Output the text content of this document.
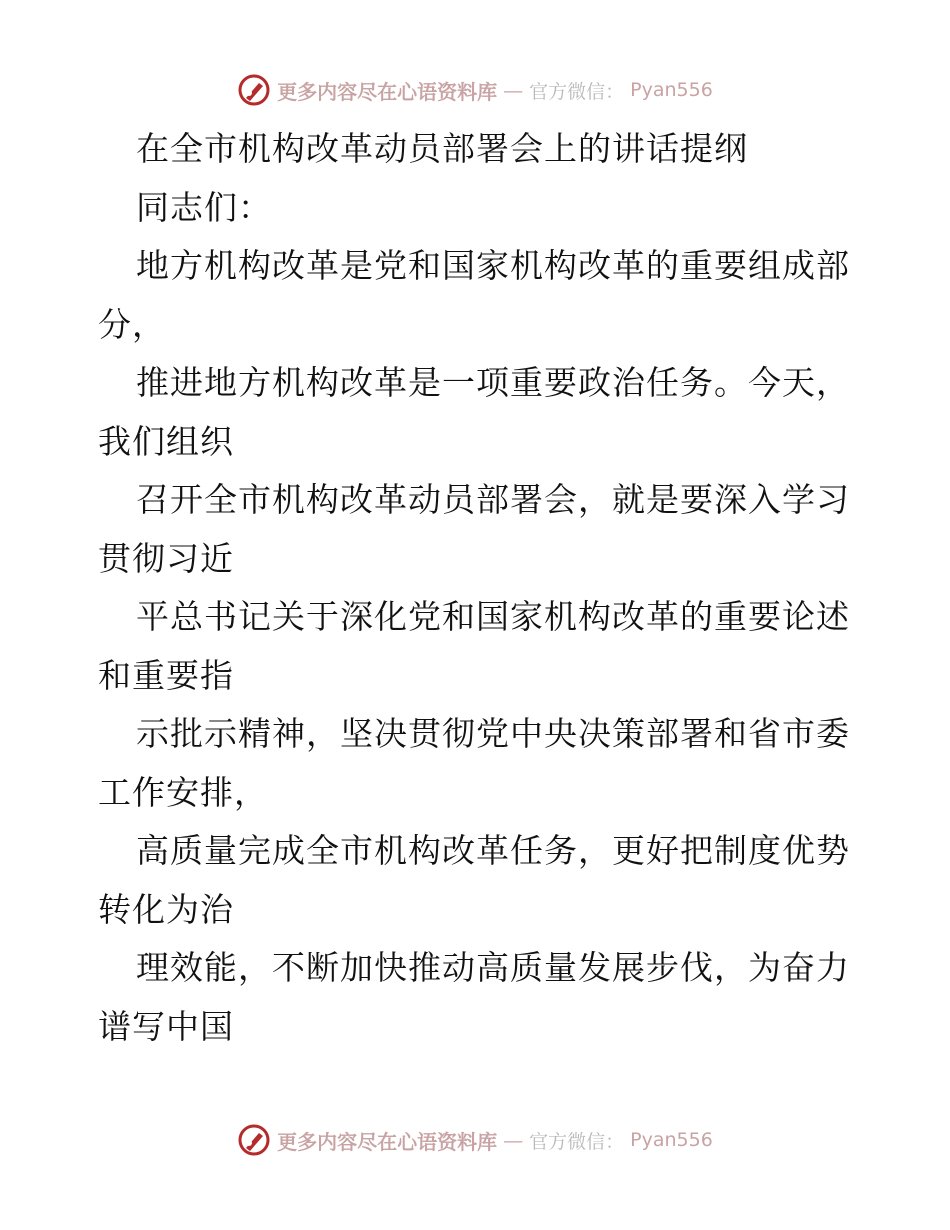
更多内容尽在心语资料库 — 官方微信： Pyan556
在全市机构改革动员部署会上的讲话提纲
同志们：
地方机构改革是党和国家机构改革的重要组成部
分，
推进地方机构改革是一项重要政治任务。今天，
我们组织
召开全市机构改革动员部署会，就是要深入学习
贯彻习近
平总书记关于深化党和国家机构改革的重要论述
和重要指
示批示精神，坚决贯彻党中央决策部署和省市委
工作安排，
高质量完成全市机构改革任务，更好把制度优势
转化为治
理效能，不断加快推动高质量发展步伐，为奋力
谱写中国
更多内容尽在心语资料库 — 官方微信： Pyan556
